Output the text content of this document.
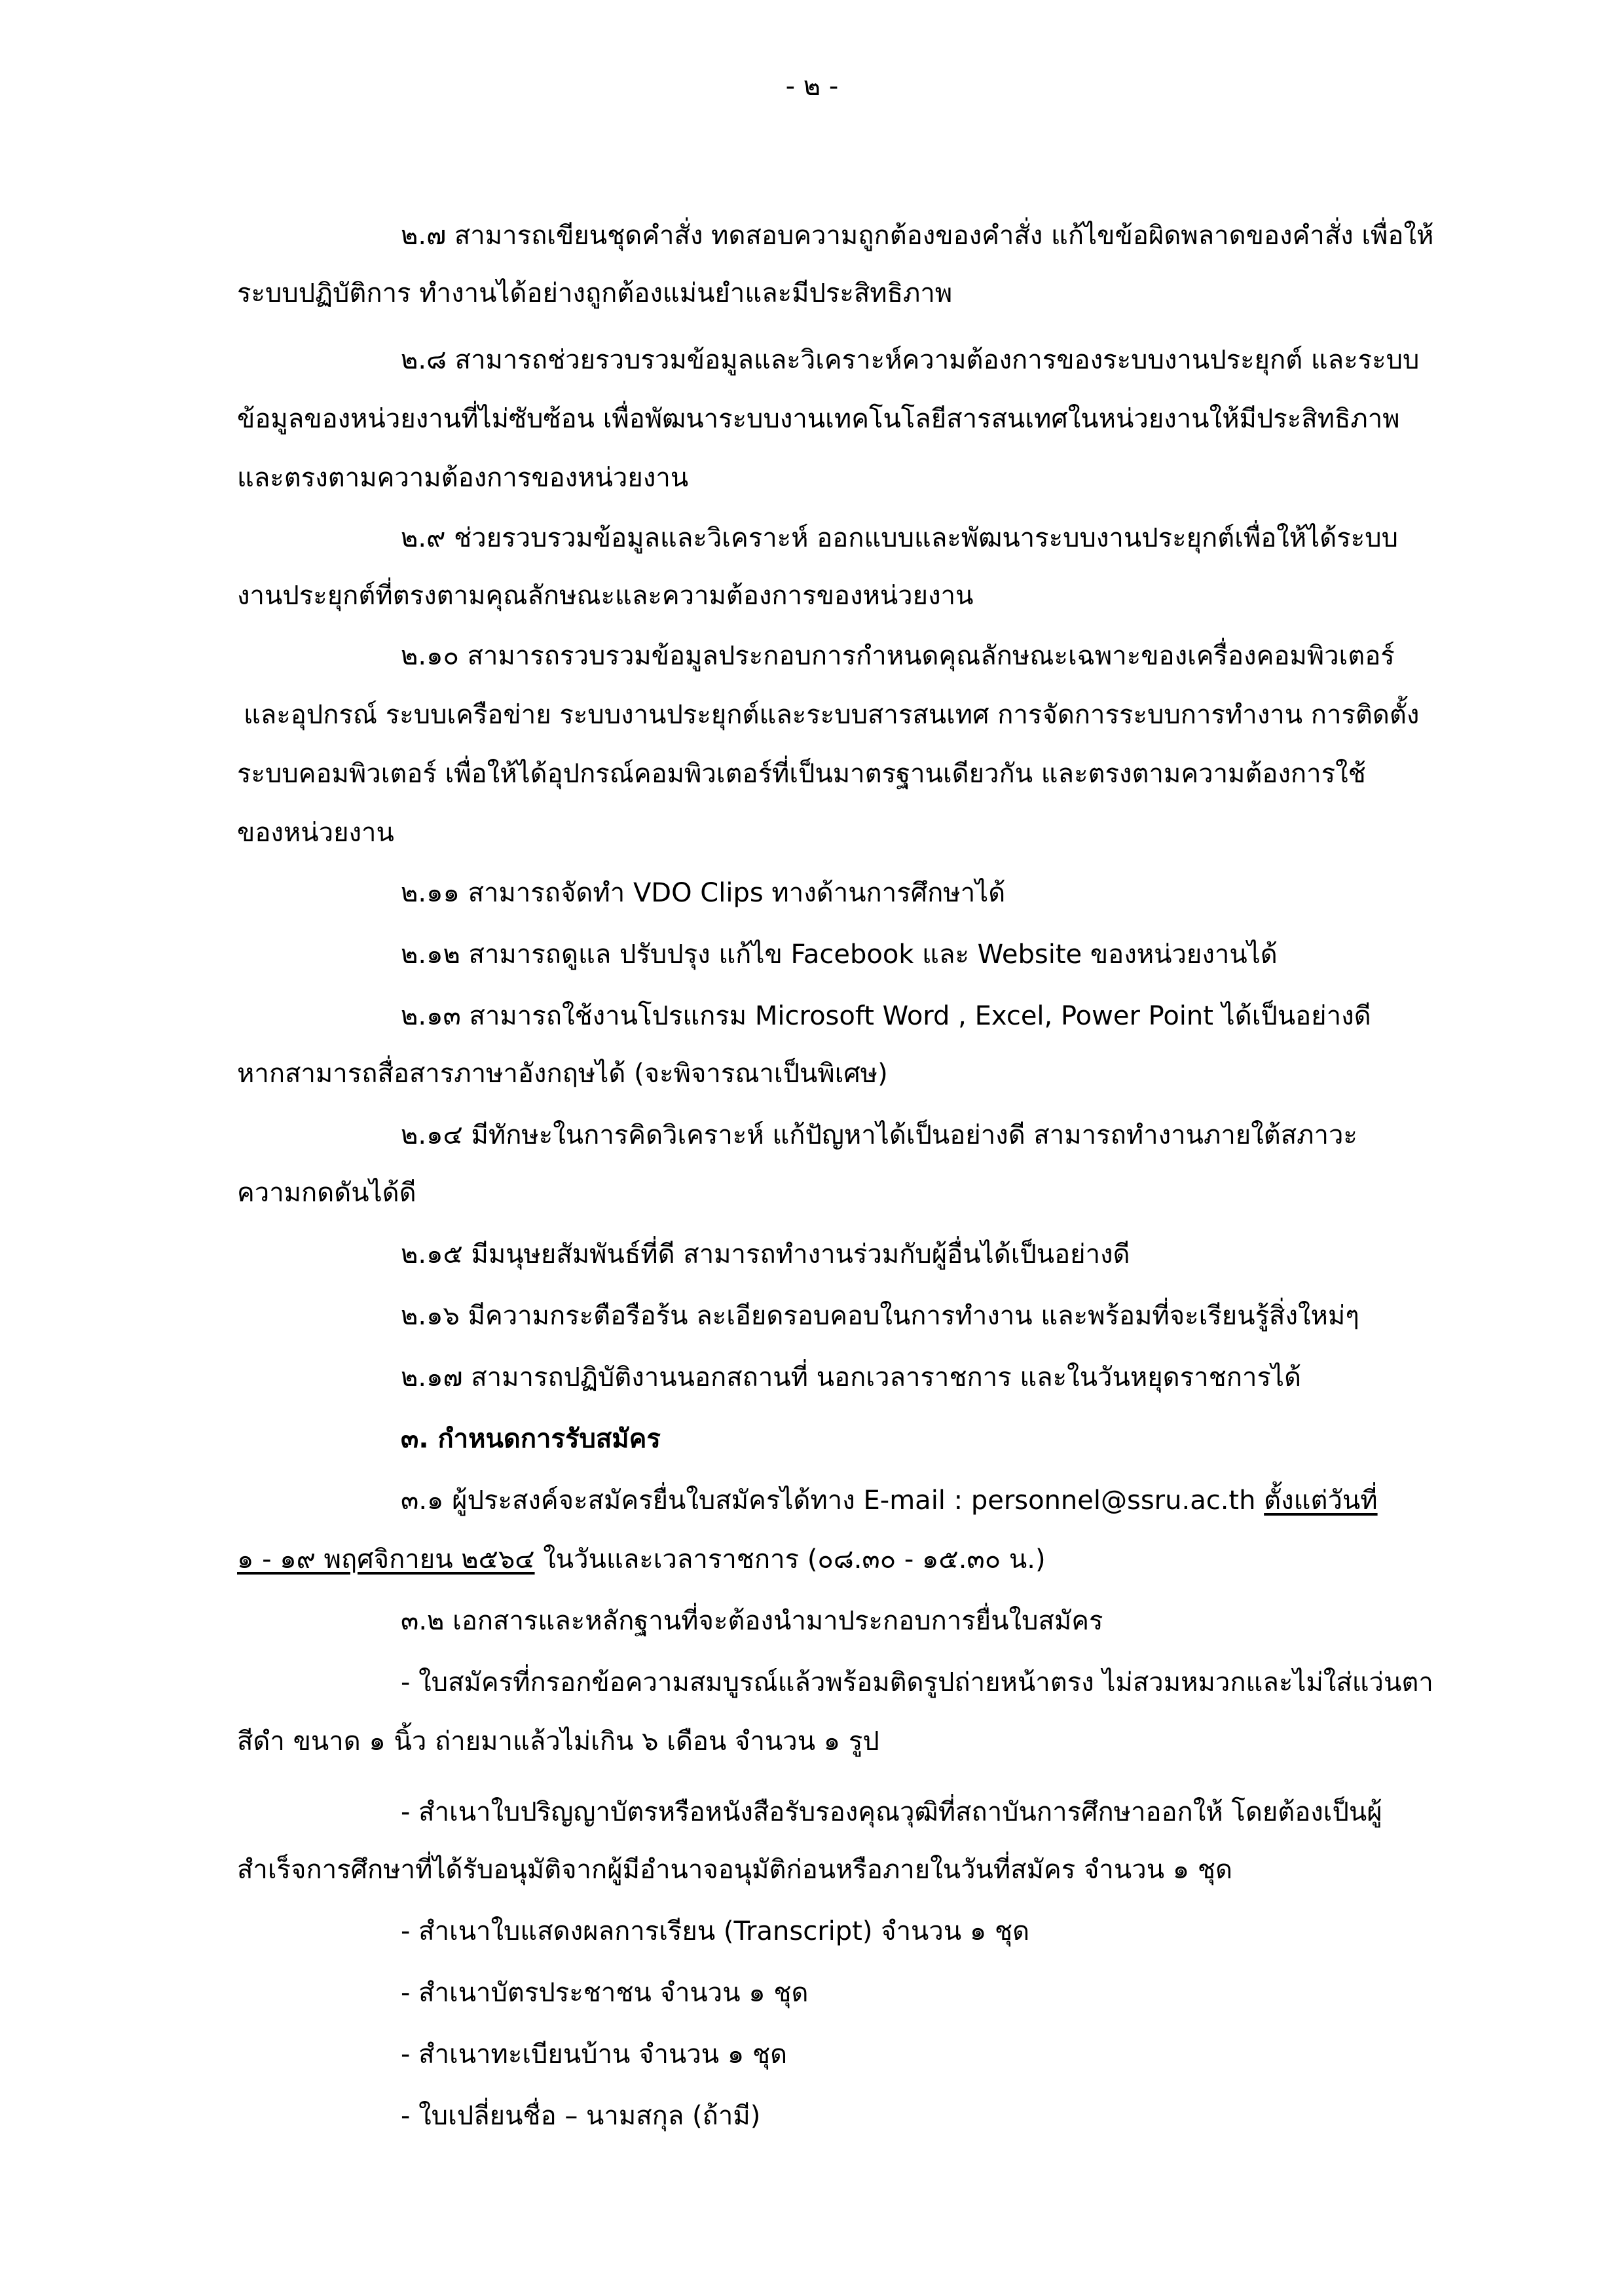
- ๒ -
๒.๗ สามารถเขียนชุดคำสั่ง ทดสอบความถูกต้องของคำสั่ง แก้ไขข้อผิดพลาดของคำสั่ง เพื่อให้
ระบบปฏิบัติการ ทำงานได้อย่างถูกต้องแม่นยำและมีประสิทธิภาพ
๒.๘ สามารถช่วยรวบรวมข้อมูลและวิเคราะห์ความต้องการของระบบงานประยุกต์ และระบบ
ข้อมูลของหน่วยงานที่ไม่ซับซ้อน เพื่อพัฒนาระบบงานเทคโนโลยีสารสนเทศในหน่วยงานให้มีประสิทธิภาพ
และตรงตามความต้องการของหน่วยงาน
๒.๙ ช่วยรวบรวมข้อมูลและวิเคราะห์ ออกแบบและพัฒนาระบบงานประยุกต์เพื่อให้ได้ระบบ
งานประยุกต์ที่ตรงตามคุณลักษณะและความต้องการของหน่วยงาน
๒.๑๐ สามารถรวบรวมข้อมูลประกอบการกำหนดคุณลักษณะเฉพาะของเครื่องคอมพิวเตอร์
และอุปกรณ์ ระบบเครือข่าย ระบบงานประยุกต์และระบบสารสนเทศ การจัดการระบบการทำงาน การติดตั้ง
ระบบคอมพิวเตอร์ เพื่อให้ได้อุปกรณ์คอมพิวเตอร์ที่เป็นมาตรฐานเดียวกัน และตรงตามความต้องการใช้
ของหน่วยงาน
๒.๑๑ สามารถจัดทำ VDO Clips ทางด้านการศึกษาได้
๒.๑๒ สามารถดูแล ปรับปรุง แก้ไข Facebook และ Website ของหน่วยงานได้
๒.๑๓ สามารถใช้งานโปรแกรม Microsoft Word , Excel, Power Point ได้เป็นอย่างดี
หากสามารถสื่อสารภาษาอังกฤษได้ (จะพิจารณาเป็นพิเศษ)
๒.๑๔ มีทักษะในการคิดวิเคราะห์ แก้ปัญหาได้เป็นอย่างดี สามารถทำงานภายใต้สภาวะ
ความกดดันได้ดี
๒.๑๕ มีมนุษยสัมพันธ์ที่ดี สามารถทำงานร่วมกับผู้อื่นได้เป็นอย่างดี
๒.๑๖ มีความกระตือรือร้น ละเอียดรอบคอบในการทำงาน และพร้อมที่จะเรียนรู้สิ่งใหม่ๆ
๒.๑๗ สามารถปฏิบัติงานนอกสถานที่ นอกเวลาราชการ และในวันหยุดราชการได้
๓. กำหนดการรับสมัคร
๓.๑ ผู้ประสงค์จะสมัครยื่นใบสมัครได้ทาง E-mail : personnel@ssru.ac.th ตั้งแต่วันที่
๑ - ๑๙ พฤศจิกายน ๒๕๖๔ ในวันและเวลาราชการ (๐๘.๓๐ - ๑๕.๓๐ น.)
๓.๒ เอกสารและหลักฐานที่จะต้องนำมาประกอบการยื่นใบสมัคร
- ใบสมัครที่กรอกข้อความสมบูรณ์แล้วพร้อมติดรูปถ่ายหน้าตรง ไม่สวมหมวกและไม่ใส่แว่นตา
สีดำ ขนาด ๑ นิ้ว ถ่ายมาแล้วไม่เกิน ๖ เดือน จำนวน ๑ รูป
- สำเนาใบปริญญาบัตรหรือหนังสือรับรองคุณวุฒิที่สถาบันการศึกษาออกให้ โดยต้องเป็นผู้
สำเร็จการศึกษาที่ได้รับอนุมัติจากผู้มีอำนาจอนุมัติก่อนหรือภายในวันที่สมัคร จำนวน ๑ ชุด
- สำเนาใบแสดงผลการเรียน (Transcript) จำนวน ๑ ชุด
- สำเนาบัตรประชาชน จำนวน ๑ ชุด
- สำเนาทะเบียนบ้าน จำนวน ๑ ชุด
- ใบเปลี่ยนชื่อ – นามสกุล (ถ้ามี)
